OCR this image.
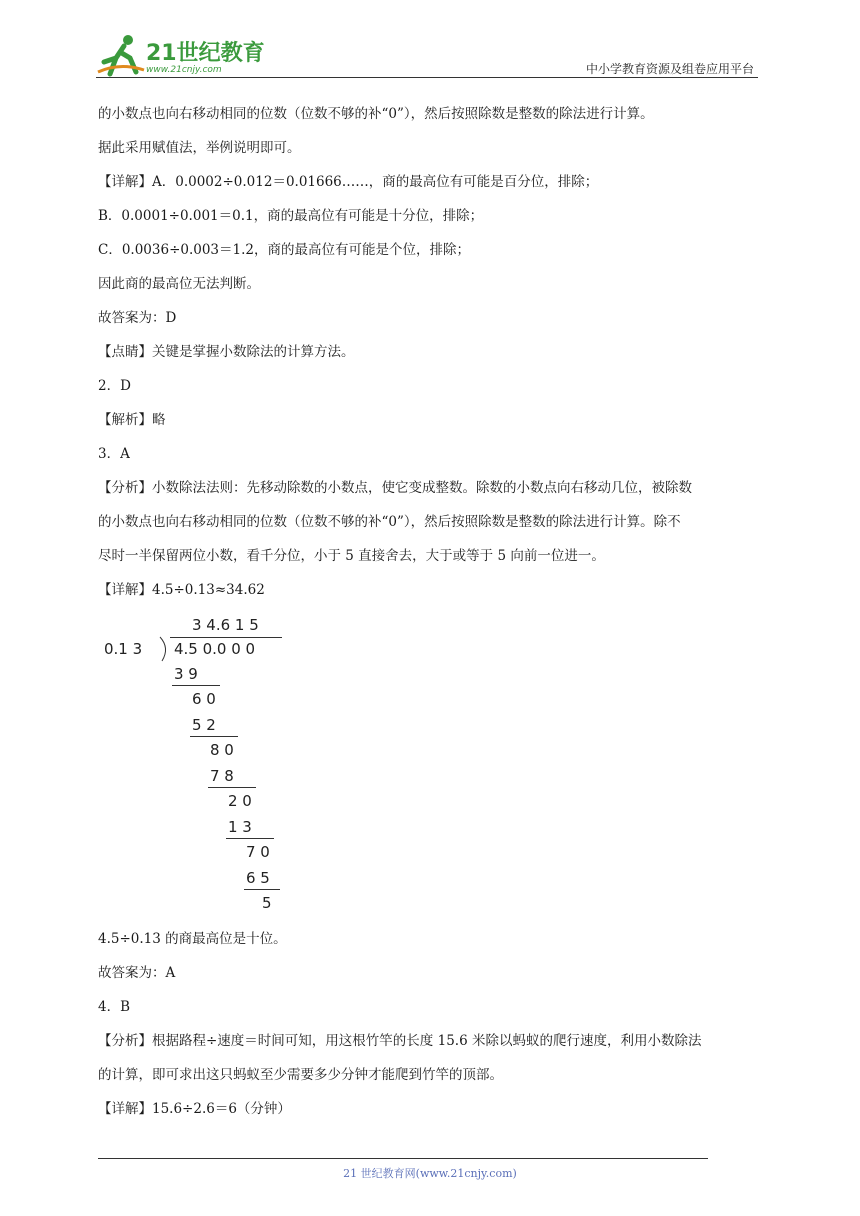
21世纪教育
www.21cnjy.com	中小学教育资源及组卷应用平台
的小数点也向右移动相同的位数（位数不够的补“0”），然后按照除数是整数的除法进行计算。
据此采用赋值法，举例说明即可。
【详解】A．0.0002÷0.012＝0.01666……，商的最高位有可能是百分位，排除；
B．0.0001÷0.001＝0.1，商的最高位有可能是十分位，排除；
C．0.0036÷0.003＝1.2，商的最高位有可能是个位，排除；
因此商的最高位无法判断。
故答案为：D
【点睛】关键是掌握小数除法的计算方法。
2．D
【解析】略
3．A
【分析】小数除法法则：先移动除数的小数点，使它变成整数。除数的小数点向右移动几位，被除数
的小数点也向右移动相同的位数（位数不够的补“0”），然后按照除数是整数的除法进行计算。除不
尽时一半保留两位小数，看千分位，小于 5 直接舍去，大于或等于 5 向前一位进一。
【详解】4.5÷0.13≈34.62
3 4.6 1 5
0.1 3 4.5 0.0 0 0
3 9
6 0
5 2
8 0
7 8
2 0
1 3
7 0
6 5
5
4.5÷0.13 的商最高位是十位。
故答案为：A
4．B
【分析】根据路程÷速度＝时间可知，用这根竹竿的长度 15.6 米除以蚂蚁的爬行速度，利用小数除法
的计算，即可求出这只蚂蚁至少需要多少分钟才能爬到竹竿的顶部。
【详解】15.6÷2.6＝6（分钟）
21 世纪教育网(www.21cnjy.com)
